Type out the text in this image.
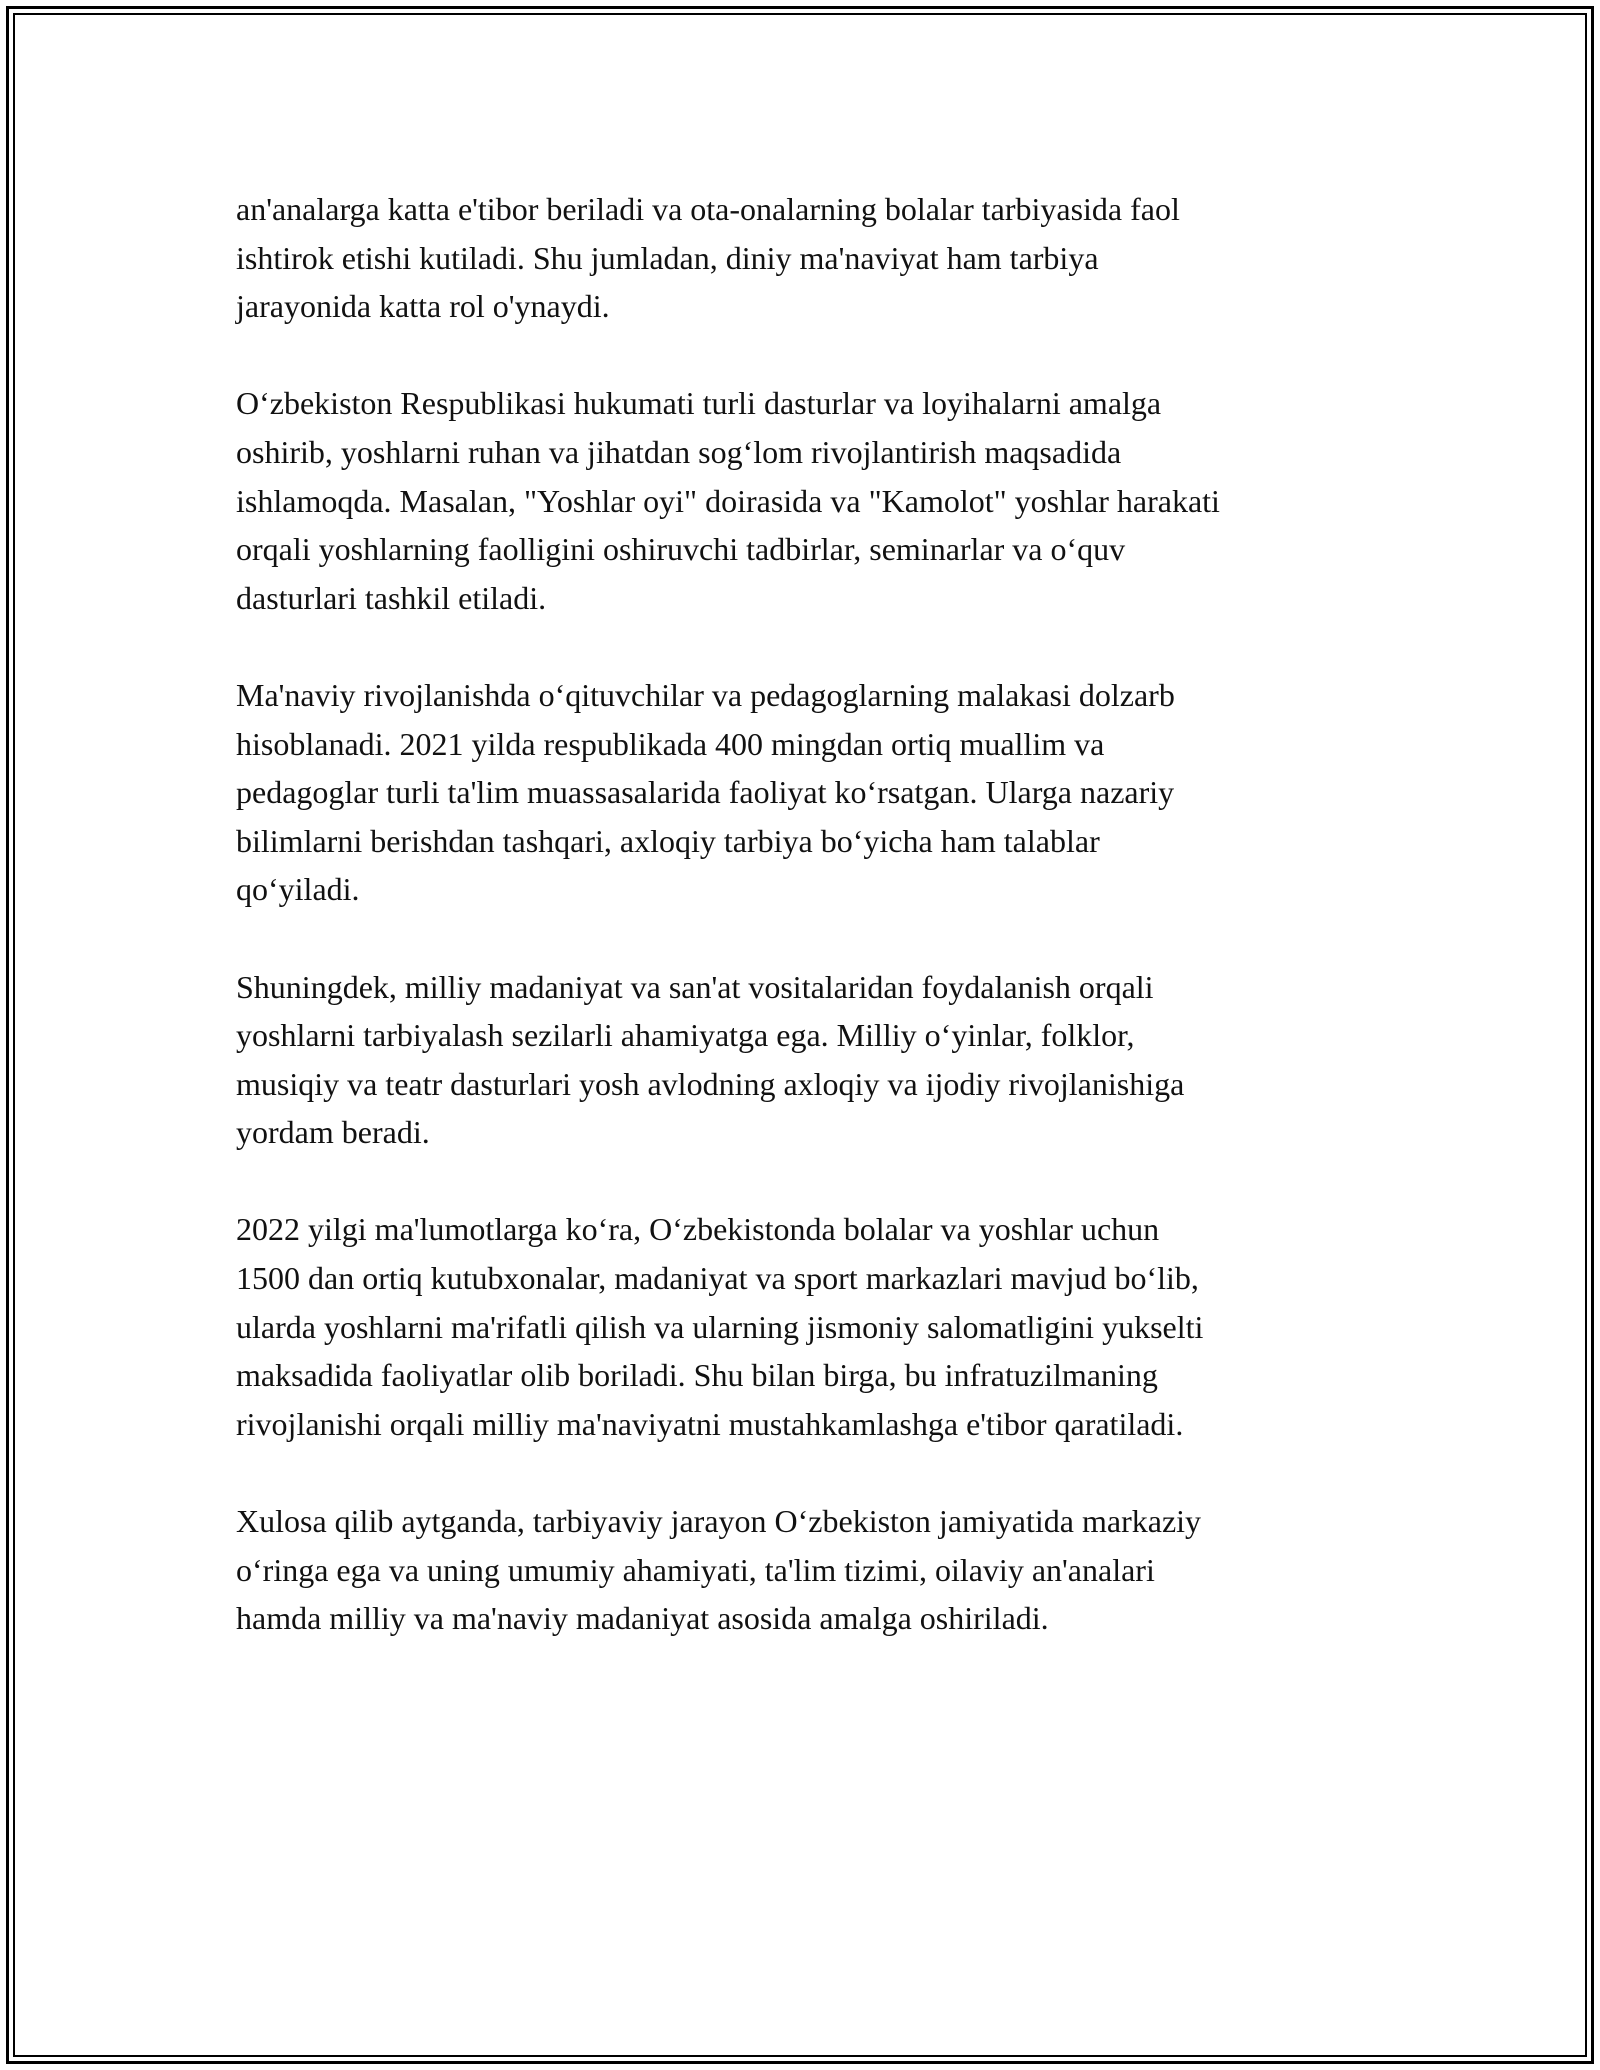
an'analarga katta e'tibor beriladi va ota-onalarning bolalar tarbiyasida faol
ishtirok etishi kutiladi. Shu jumladan, diniy ma'naviyat ham tarbiya
jarayonida katta rol o'ynaydi.

O‘zbekiston Respublikasi hukumati turli dasturlar va loyihalarni amalga
oshirib, yoshlarni ruhan va jihatdan sog‘lom rivojlantirish maqsadida
ishlamoqda. Masalan, "Yoshlar oyi" doirasida va "Kamolot" yoshlar harakati
orqali yoshlarning faolligini oshiruvchi tadbirlar, seminarlar va o‘quv
dasturlari tashkil etiladi.

Ma'naviy rivojlanishda o‘qituvchilar va pedagoglarning malakasi dolzarb
hisoblanadi. 2021 yilda respublikada 400 mingdan ortiq muallim va
pedagoglar turli ta'lim muassasalarida faoliyat ko‘rsatgan. Ularga nazariy
bilimlarni berishdan tashqari, axloqiy tarbiya bo‘yicha ham talablar
qo‘yiladi.

Shuningdek, milliy madaniyat va san'at vositalaridan foydalanish orqali
yoshlarni tarbiyalash sezilarli ahamiyatga ega. Milliy o‘yinlar, folklor,
musiqiy va teatr dasturlari yosh avlodning axloqiy va ijodiy rivojlanishiga
yordam beradi.

2022 yilgi ma'lumotlarga ko‘ra, O‘zbekistonda bolalar va yoshlar uchun
1500 dan ortiq kutubxonalar, madaniyat va sport markazlari mavjud bo‘lib,
ularda yoshlarni ma'rifatli qilish va ularning jismoniy salomatligini yukselti
maksadida faoliyatlar olib boriladi. Shu bilan birga, bu infratuzilmaning
rivojlanishi orqali milliy ma'naviyatni mustahkamlashga e'tibor qaratiladi.

Xulosa qilib aytganda, tarbiyaviy jarayon O‘zbekiston jamiyatida markaziy
o‘ringa ega va uning umumiy ahamiyati, ta'lim tizimi, oilaviy an'analari
hamda milliy va ma'naviy madaniyat asosida amalga oshiriladi.
